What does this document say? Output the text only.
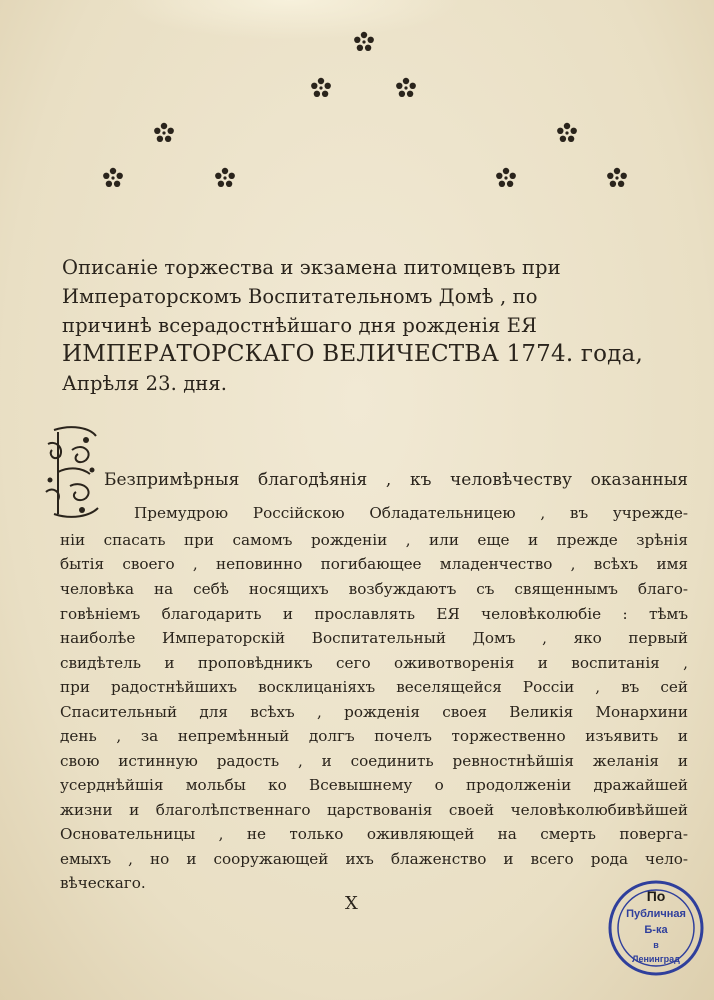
Описанiе торжества и экзамена питомцевъ при
Императорскомъ Воспитательномъ Домѣ , по
причинѣ всерадостнѣйшаго дня рожденiя ЕЯ
ИМПЕРАТОРСКАГО ВЕЛИЧЕСТВА 1774. года,
Апрѣля 23. дня.
Безпримѣрныя благодѣянiя , къ человѣчеству оказанныя
Премудрою Россiйскою Обладательницею , въ учрежде-
нiи спасать при самомъ рожденiи , или еще и прежде зрѣнiя
бытiя своего , неповинно погибающее младенчество , всѣхъ имя
человѣка на себѣ носящихъ возбуждаютъ съ священнымъ благо-
говѣнiемъ благодарить и прославлять ЕЯ человѣколюбiе : тѣмъ
наиболѣе Императорскiй Воспитательный Домъ , яко первый
свидѣтель и проповѣдникъ сего оживотворенiя и воспитанiя ,
при радостнѣйшихъ восклицанiяхъ веселящейся Россiи , въ сей
Спасительный для всѣхъ , рожденiя своея Великiя Монархини
день , за непремѣнный долгъ почелъ торжественно изъявить и
свою истинную радость , и соединить ревностнѣйшiя желанiя и
усерднѣйшiя мольбы ко Всевышнему о продолженiи дражайшей
жизни и благолѣпственнаго царствованiя своей человѣколюбивѣйшей
Основательницы , не только оживляющей на смерть поверга-
емыхъ , но и сооружающей ихъ блаженство и всего рода чело-
вѣческаго.
X	По
Публичная
Б-ка
в
Ленинград
